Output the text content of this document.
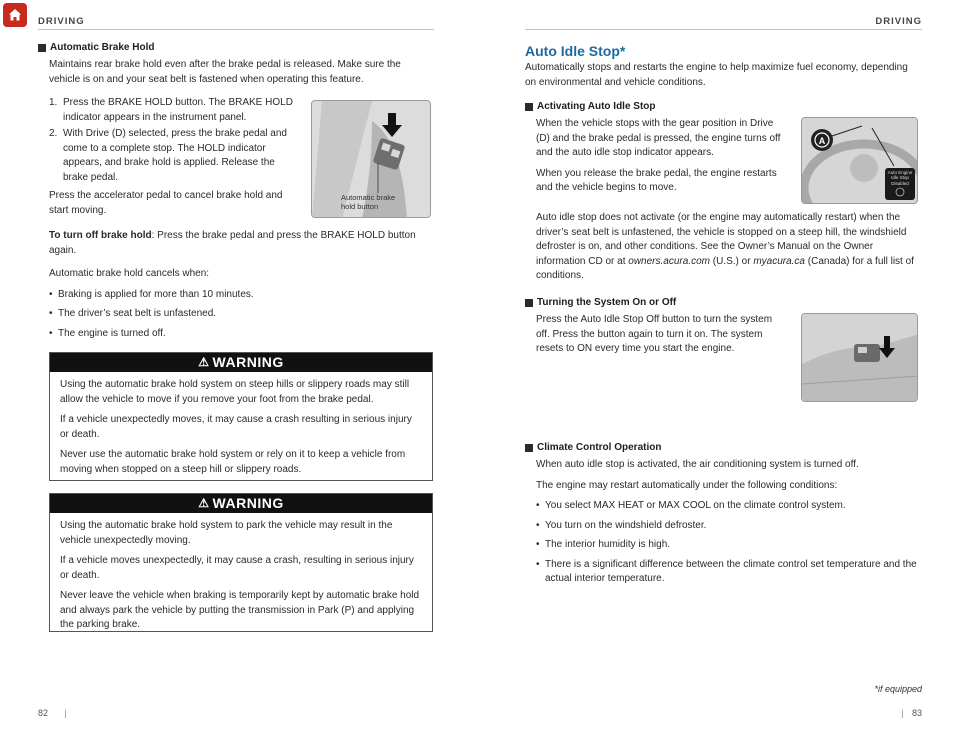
DRIVING	DRIVING
Automatic Brake Hold
Maintains rear brake hold even after the brake pedal is released. Make sure the vehicle is on and your seat belt is fastened when operating this feature.
1. Press the BRAKE HOLD button. The BRAKE HOLD indicator appears in the instrument panel.
2. With Drive (D) selected, press the brake pedal and come to a complete stop. The HOLD indicator appears, and brake hold is applied. Release the brake pedal.

Press the accelerator pedal to cancel brake hold and start moving.

Automatic brake
hold button
To turn off brake hold: Press the brake pedal and press the BRAKE HOLD button again.

Automatic brake hold cancels when:

• Braking is applied for more than 10 minutes.
• The driver’s seat belt is unfastened.
• The engine is turned off.
⚠ WARNING

Using the automatic brake hold system on steep hills or slippery roads may still allow the vehicle to move if you remove your foot from the brake pedal.

If a vehicle unexpectedly moves, it may cause a crash resulting in serious injury or death.

Never use the automatic brake hold system or rely on it to keep a vehicle from moving when stopped on a steep hill or slippery roads.

⚠ WARNING

Using the automatic brake hold system to park the vehicle may result in the vehicle unexpectedly moving.

If a vehicle moves unexpectedly, it may cause a crash, resulting in serious injury or death.

Never leave the vehicle when braking is temporarily kept by automatic brake hold and always park the vehicle by putting the transmission in Park (P) and applying the parking brake.

82 |
Auto Idle Stop*
Automatically stops and restarts the engine to help maximize fuel economy, depending on environmental and vehicle conditions.
Activating Auto Idle Stop

When the vehicle stops with the gear position in Drive (D) and the brake pedal is pressed, the engine turns off and the auto idle stop indicator appears.

When you release the brake pedal, the engine restarts and the vehicle begins to move.

A
Auto Engine
Idle Stop
Disabled
Auto idle stop does not activate (or the engine may automatically restart) when the driver’s seat belt is unfastened, the vehicle is stopped on a steep hill, the windshield defroster is on, and other conditions. See the Owner’s Manual on the Owner information CD or at owners.acura.com (U.S.) or myacura.ca (Canada) for a full list of conditions.
Turning the System On or Off
Press the Auto Idle Stop Off button to turn the system off. Press the button again to turn it on. The system resets to ON every time you start the engine.
Climate Control Operation

When auto idle stop is activated, the air conditioning system is turned off.

The engine may restart automatically under the following conditions:

• You select MAX HEAT or MAX COOL on the climate control system.
• You turn on the windshield defroster.
• The interior humidity is high.
• There is a significant difference between the climate control set temperature and the actual interior temperature.
*if equipped
| 83
